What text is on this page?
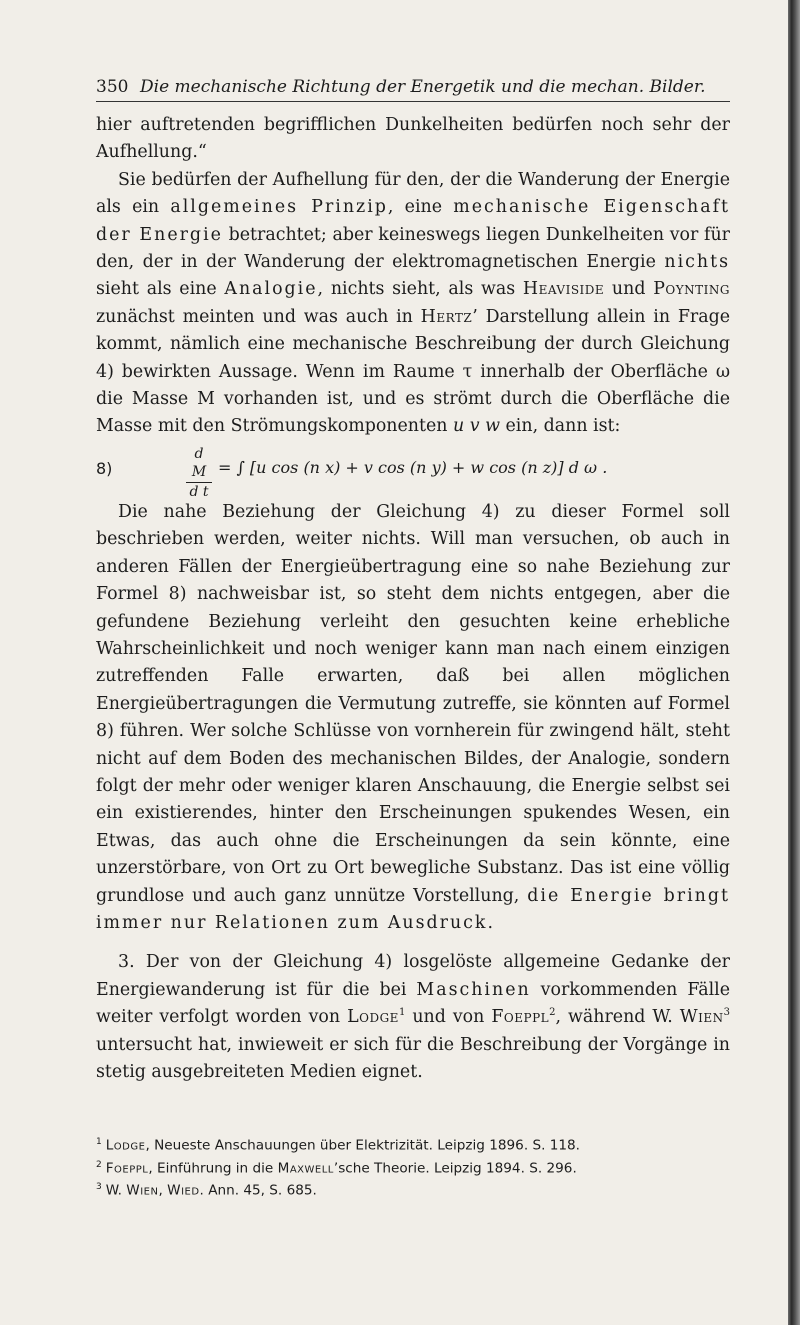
350 Die mechanische Richtung der Energetik und die mechan. Bilder.

hier auftretenden begrifflichen Dunkelheiten bedürfen noch sehr der Aufhellung.“

Sie bedürfen der Aufhellung für den, der die Wanderung der Energie als ein allgemeines Prinzip, eine mechanische Eigenschaft der Energie betrachtet; aber keineswegs liegen Dunkelheiten vor für den, der in der Wanderung der elektromagnetischen Energie nichts sieht als eine Analogie, nichts sieht, als was Heaviside und Poynting zunächst meinten und was auch in Hertz’ Darstellung allein in Frage kommt, nämlich eine mechanische Beschreibung der durch Gleichung 4) bewirkten Aussage. Wenn im Raume τ innerhalb der Oberfläche ω die Masse M vorhanden ist, und es strömt durch die Oberfläche die Masse mit den Strömungskomponenten u v w ein, dann ist:

8)	$\frac{\text{d M}}{\text{d t}}$ = ∫ [u cos (n x) + v cos (n y) + w cos (n z)] d ω .

Die nahe Beziehung der Gleichung 4) zu dieser Formel soll beschrieben werden, weiter nichts. Will man versuchen, ob auch in anderen Fällen der Energieübertragung eine so nahe Beziehung zur Formel 8) nachweisbar ist, so steht dem nichts entgegen, aber die gefundene Beziehung verleiht den gesuchten keine erhebliche Wahrscheinlichkeit und noch weniger kann man nach einem einzigen zutreffenden Falle erwarten, daß bei allen möglichen Energieübertragungen die Vermutung zutreffe, sie könnten auf Formel 8) führen. Wer solche Schlüsse von vornherein für zwingend hält, steht nicht auf dem Boden des mechanischen Bildes, der Analogie, sondern folgt der mehr oder weniger klaren Anschauung, die Energie selbst sei ein existierendes, hinter den Erscheinungen spukendes Wesen, ein Etwas, das auch ohne die Erscheinungen da sein könnte, eine unzerstörbare, von Ort zu Ort bewegliche Substanz. Das ist eine völlig grundlose und auch ganz unnütze Vorstellung, die Energie bringt immer nur Relationen zum Ausdruck.

3. Der von der Gleichung 4) losgelöste allgemeine Gedanke der Energiewanderung ist für die bei Maschinen vorkommenden Fälle weiter verfolgt worden von Lodge$^1$ und von Foeppl$^2$, während W. Wien$^3$ untersucht hat, inwieweit er sich für die Beschreibung der Vorgänge in stetig ausgebreiteten Medien eignet.

$^1$ Lodge, Neueste Anschauungen über Elektrizität. Leipzig 1896. S. 118.

$^2$ Foeppl, Einführung in die Maxwell’sche Theorie. Leipzig 1894. S. 296.

$^3$ W. Wien, Wied. Ann. 45, S. 685.
